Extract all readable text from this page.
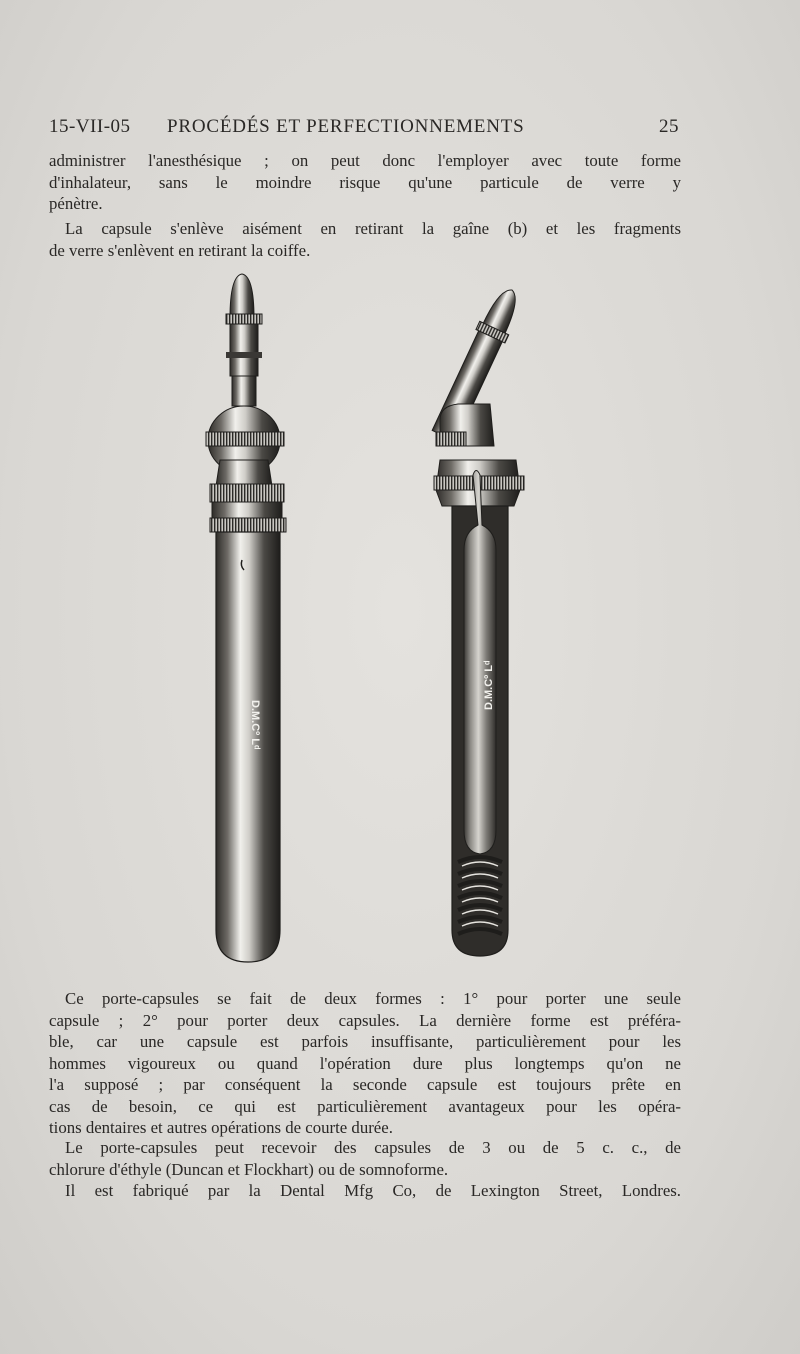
15-VII-05 PROCÉDÉS ET PERFECTIONNEMENTS	25

administrer l'anesthésique ; on peut donc l'employer avec toute forme
d'inhalateur, sans le moindre risque qu'une particule de verre y
pénètre.

La capsule s'enlève aisément en retirant la gaîne (b) et les fragments
de verre s'enlèvent en retirant la coiffe.

D.M.Cº Lᵈ
D.M.Cº Lᵈ

Ce porte-capsules se fait de deux formes : 1° pour porter une seule
capsule ; 2° pour porter deux capsules. La dernière forme est préféra-
ble, car une capsule est parfois insuffisante, particulièrement pour les
hommes vigoureux ou quand l'opération dure plus longtemps qu'on ne
l'a supposé ; par conséquent la seconde capsule est toujours prête en
cas de besoin, ce qui est particulièrement avantageux pour les opéra-
tions dentaires et autres opérations de courte durée.

Le porte-capsules peut recevoir des capsules de 3 ou de 5 c. c., de
chlorure d'éthyle (Duncan et Flockhart) ou de somnoforme.

Il est fabriqué par la Dental Mfg Co, de Lexington Street, Londres.
